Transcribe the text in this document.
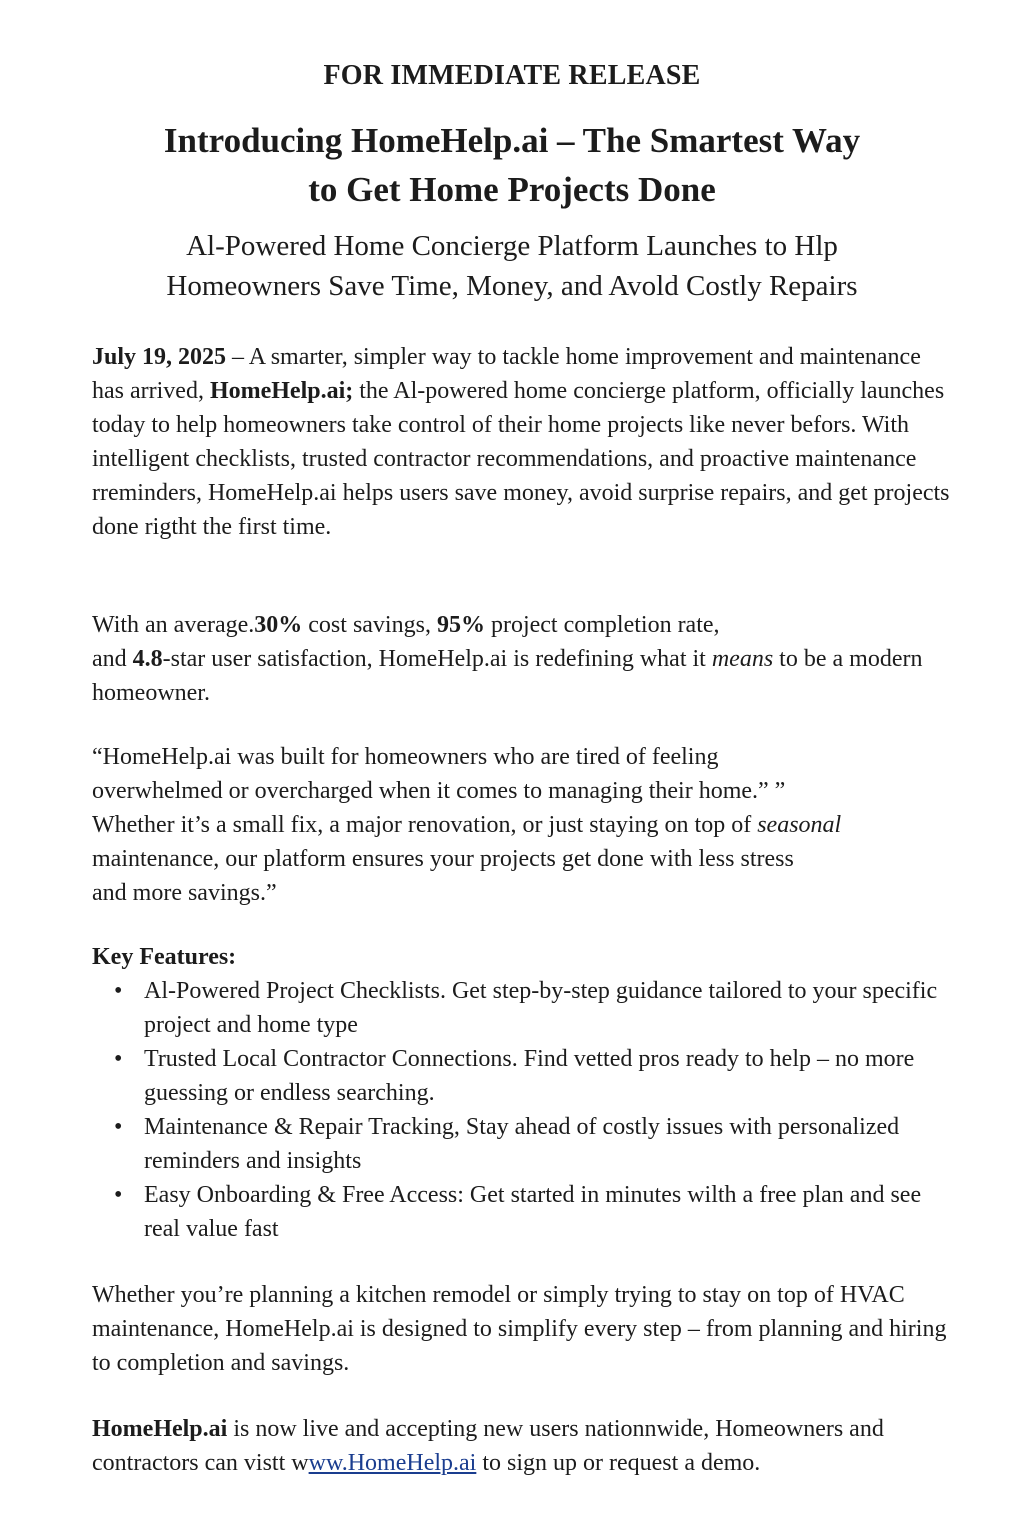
FOR IMMEDIATE RELEASE
Introducing HomeHelp.ai – The Smartest Way
to Get Home Projects Done
Al-Powered Home Concierge Platform Launches to Hlp
Homeowners Save Time, Money, and Avold Costly Repairs

July 19, 2025 – A smarter, simpler way to tackle home improvement and maintenance has arrived, HomeHelp.ai; the Al-powered home concierge platform, officially launches today to help homeowners take control of their home projects like never befors. With intelligent checklists, trusted contractor recommendations, and proactive maintenance rreminders, HomeHelp.ai helps users save money, avoid surprise repairs, and get projects done rigtht the first time.

With an average.30% cost savings, 95% project completion rate,
and 4.8-star user satisfaction, HomeHelp.ai is redefining what it means to be a modern homeowner.

“HomeHelp.ai was built for homeowners who are tired of feeling
overwhelmed or overcharged when it comes to managing their home.” ”
Whether it’s a small fix, a major renovation, or just staying on top of seasonal
maintenance, our platform ensures your projects get done with less stress
and more savings.”

Key Features:

• Al-Powered Project Checklists. Get step-by-step guidance tailored to your specific project and home type
• Trusted Local Contractor Connections. Find vetted pros ready to help – no more guessing or endless searching.
• Maintenance & Repair Tracking, Stay ahead of costly issues with personalized reminders and insights
• Easy Onboarding & Free Access: Get started in minutes wilth a free plan and see real value fast

Whether you’re planning a kitchen remodel or simply trying to stay on top of HVAC maintenance, HomeHelp.ai is designed to simplify every step – from planning and hiring to completion and savings.

HomeHelp.ai is now live and accepting new users nationnwide, Homeowners and contractors can vistt www.HomeHelp.ai to sign up or request a demo.
